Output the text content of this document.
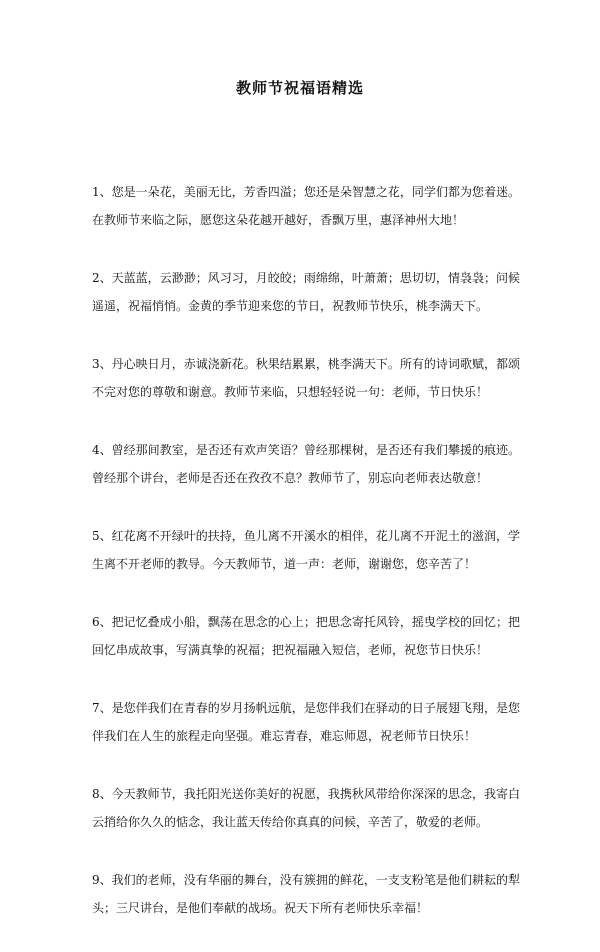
教师节祝福语精选

1、您是一朵花，美丽无比，芳香四溢；您还是朵智慧之花，同学们都为您着迷。在教师节来临之际，愿您这朵花越开越好，香飘万里，惠泽神州大地！

2、天蓝蓝，云渺渺；风习习，月皎皎；雨绵绵，叶萧萧；思切切，情袅袅；问候遥遥，祝福悄悄。金黄的季节迎来您的节日，祝教师节快乐，桃李满天下。

3、丹心映日月，赤诚浇新花。秋果结累累，桃李满天下。所有的诗词歌赋，都颂不完对您的尊敬和谢意。教师节来临，只想轻轻说一句：老师，节日快乐！

4、曾经那间教室，是否还有欢声笑语？曾经那棵树，是否还有我们攀援的痕迹。曾经那个讲台，老师是否还在孜孜不息？教师节了，别忘向老师表达敬意！

5、红花离不开绿叶的扶持，鱼儿离不开溪水的相伴，花儿离不开泥土的滋润，学生离不开老师的教导。今天教师节，道一声：老师，谢谢您，您辛苦了！

6、把记忆叠成小船，飘荡在思念的心上；把思念寄托风铃，摇曳学校的回忆；把回忆串成故事，写满真挚的祝福；把祝福融入短信，老师，祝您节日快乐！

7、是您伴我们在青春的岁月扬帆远航，是您伴我们在驿动的日子展翅飞翔，是您伴我们在人生的旅程走向坚强。难忘青春，难忘师恩，祝老师节日快乐！

8、今天教师节，我托阳光送你美好的祝愿，我携秋风带给你深深的思念，我寄白云捎给你久久的惦念，我让蓝天传给你真真的问候，辛苦了，敬爱的老师。

9、我们的老师，没有华丽的舞台，没有簇拥的鲜花，一支支粉笔是他们耕耘的犁头；三尺讲台，是他们奉献的战场。祝天下所有老师快乐幸福！
